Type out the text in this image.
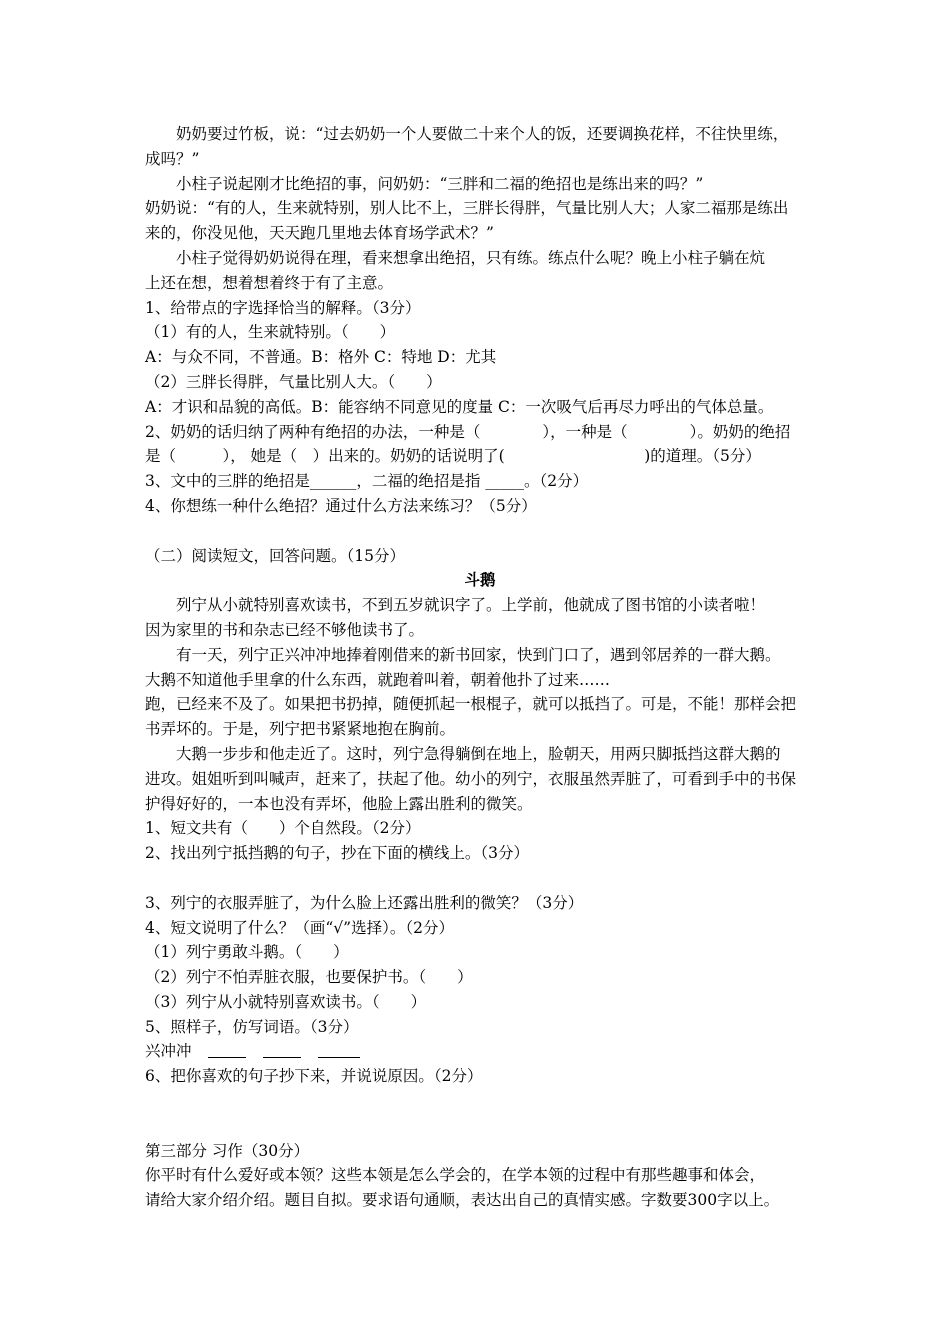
奶奶要过竹板，说：“过去奶奶一个人要做二十来个人的饭，还要调换花样，不往快里练，
成吗？”
小柱子说起刚才比绝招的事，问奶奶：“三胖和二福的绝招也是练出来的吗？”
奶奶说：“有的人，生来就特别，别人比不上，三胖长得胖，气量比别人大；人家二福那是练出
来的，你没见他，天天跑几里地去体育场学武术？”
小柱子觉得奶奶说得在理，看来想拿出绝招，只有练。练点什么呢？晚上小柱子躺在炕
上还在想，想着想着终于有了主意。
1、给带点的字选择恰当的解释。（3分）
（1）有的人，生来就特别。（　　）
A：与众不同，不普通。B：格外 C：特地 D：尤其
（2）三胖长得胖，气量比别人大。（　　）
A：才识和品貌的高低。B：能容纳不同意见的度量 C：一次吸气后再尽力呼出的气体总量。
2、奶奶的话归纳了两种有绝招的办法，一种是（　　　　），一种是（　　　　）。奶奶的绝招
是（　　　）， 她是（　）出来的。奶奶的话说明了(　　　　　　　　　)的道理。（5分）
3、文中的三胖的绝招是______，二福的绝招是指 _____。（2分）
4、你想练一种什么绝招？通过什么方法来练习？（5分）
（二）阅读短文，回答问题。（15分）
斗鹅
列宁从小就特别喜欢读书，不到五岁就识字了。上学前，他就成了图书馆的小读者啦！
因为家里的书和杂志已经不够他读书了。
有一天，列宁正兴冲冲地捧着刚借来的新书回家，快到门口了，遇到邻居养的一群大鹅。
大鹅不知道他手里拿的什么东西，就跑着叫着，朝着他扑了过来……
跑，已经来不及了。如果把书扔掉，随便抓起一根棍子，就可以抵挡了。可是，不能！那样会把
书弄坏的。于是，列宁把书紧紧地抱在胸前。
大鹅一步步和他走近了。这时，列宁急得躺倒在地上，脸朝天，用两只脚抵挡这群大鹅的
进攻。姐姐听到叫喊声，赶来了，扶起了他。幼小的列宁，衣服虽然弄脏了，可看到手中的书保
护得好好的，一本也没有弄坏，他脸上露出胜利的微笑。
1、短文共有（　　）个自然段。（2分）
2、找出列宁抵挡鹅的句子，抄在下面的横线上。（3分）
3、列宁的衣服弄脏了，为什么脸上还露出胜利的微笑？（3分）
4、短文说明了什么？（画“√”选择）。（2分）
（1）列宁勇敢斗鹅。（　　）
（2）列宁不怕弄脏衣服，也要保护书。（　　）
（3）列宁从小就特别喜欢读书。（　　）
5、照样子，仿写词语。（3分）
兴冲冲
6、把你喜欢的句子抄下来，并说说原因。（2分）
第三部分 习作（30分）
你平时有什么爱好或本领？这些本领是怎么学会的，在学本领的过程中有那些趣事和体会，
请给大家介绍介绍。题目自拟。要求语句通顺，表达出自己的真情实感。字数要300字以上。
